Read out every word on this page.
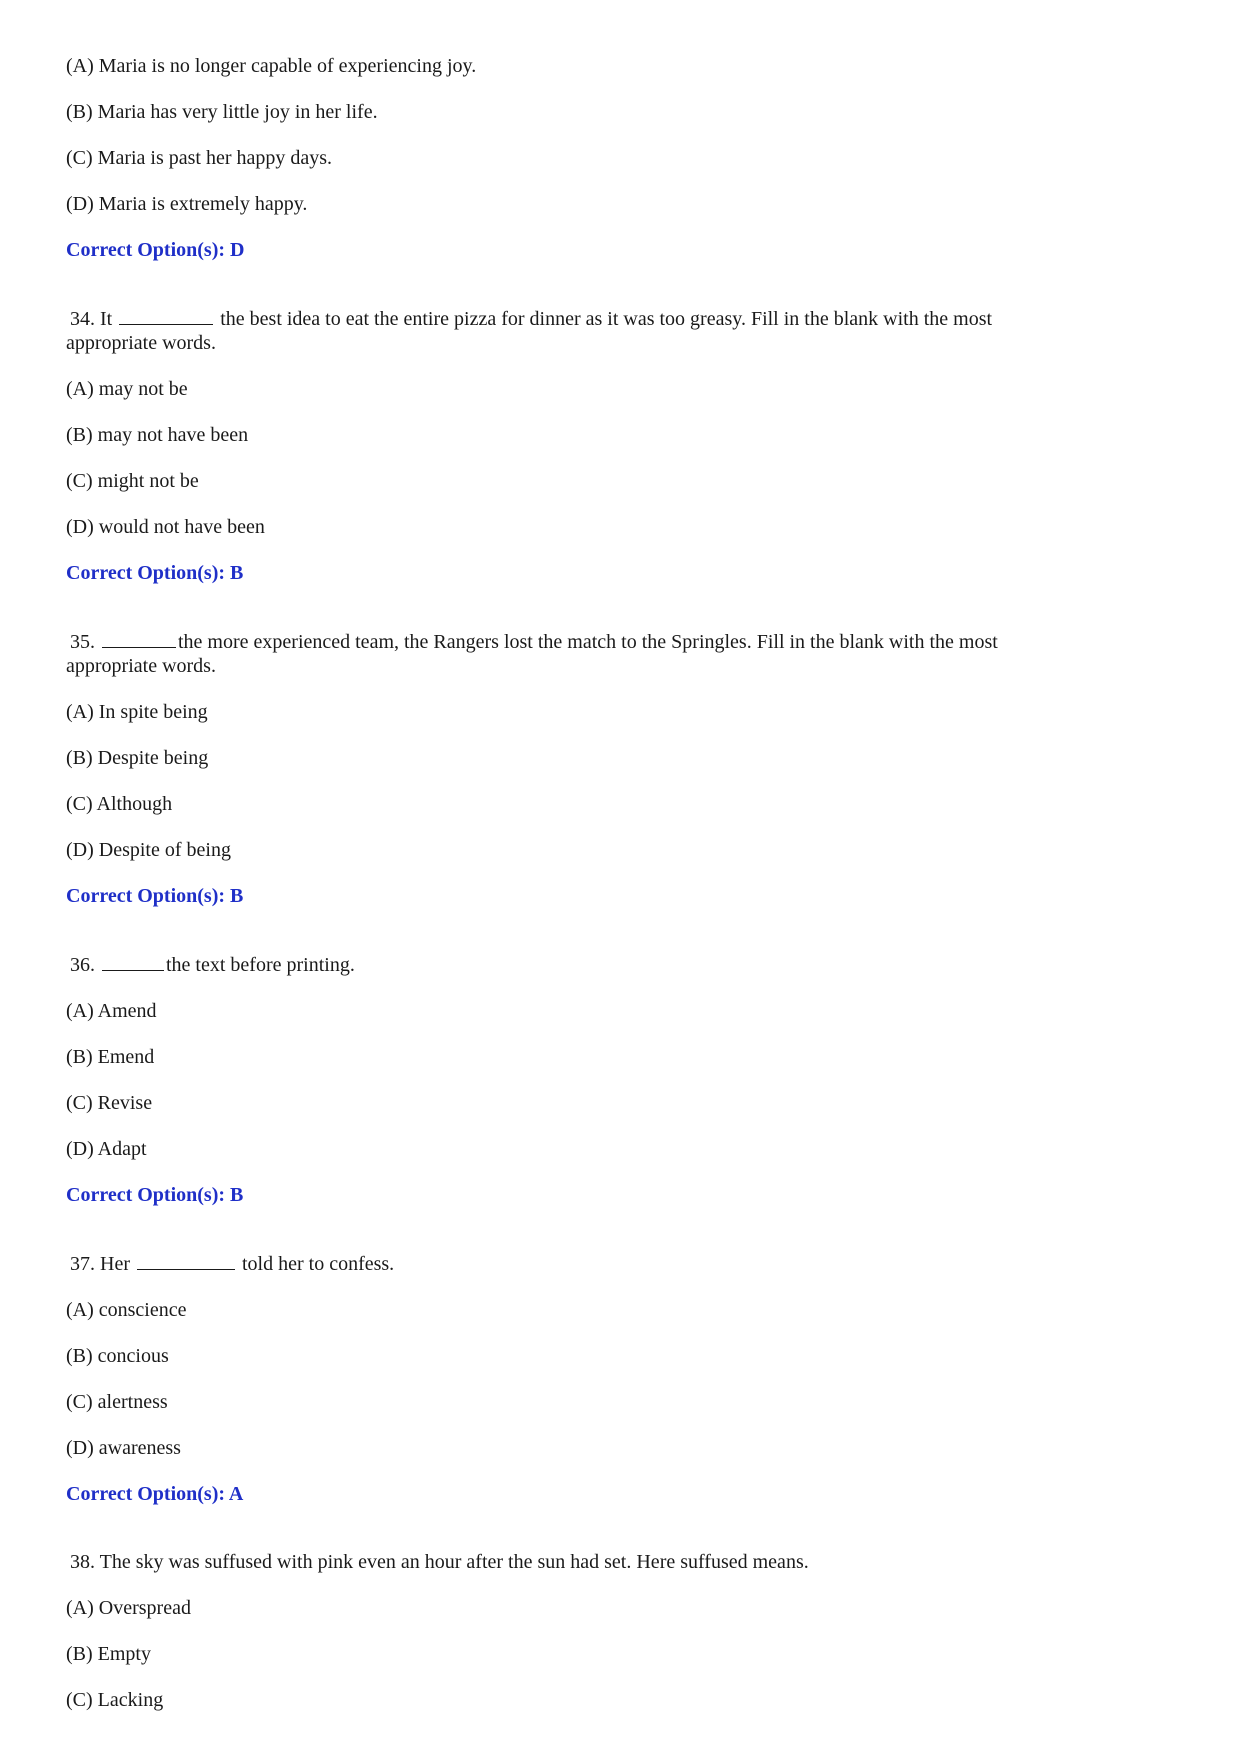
(A) Maria is no longer capable of experiencing joy.
(B) Maria has very little joy in her life.
(C) Maria is past her happy days.
(D) Maria is extremely happy.
Correct Option(s): D
34. It	the best idea to eat the entire pizza for dinner as it was too greasy. Fill in the blank with the most
appropriate words.
(A) may not be
(B) may not have been
(C) might not be
(D) would not have been
Correct Option(s): B
35.	the more experienced team, the Rangers lost the match to the Springles. Fill in the blank with the most
appropriate words.
(A) In spite being
(B) Despite being
(C) Although
(D) Despite of being
Correct Option(s): B
36.	the text before printing.
(A) Amend
(B) Emend
(C) Revise
(D) Adapt
Correct Option(s): B
37. Her	told her to confess.
(A) conscience
(B) concious
(C) alertness
(D) awareness
Correct Option(s): A
38. The sky was suffused with pink even an hour after the sun had set. Here suffused means.
(A) Overspread
(B) Empty
(C) Lacking
